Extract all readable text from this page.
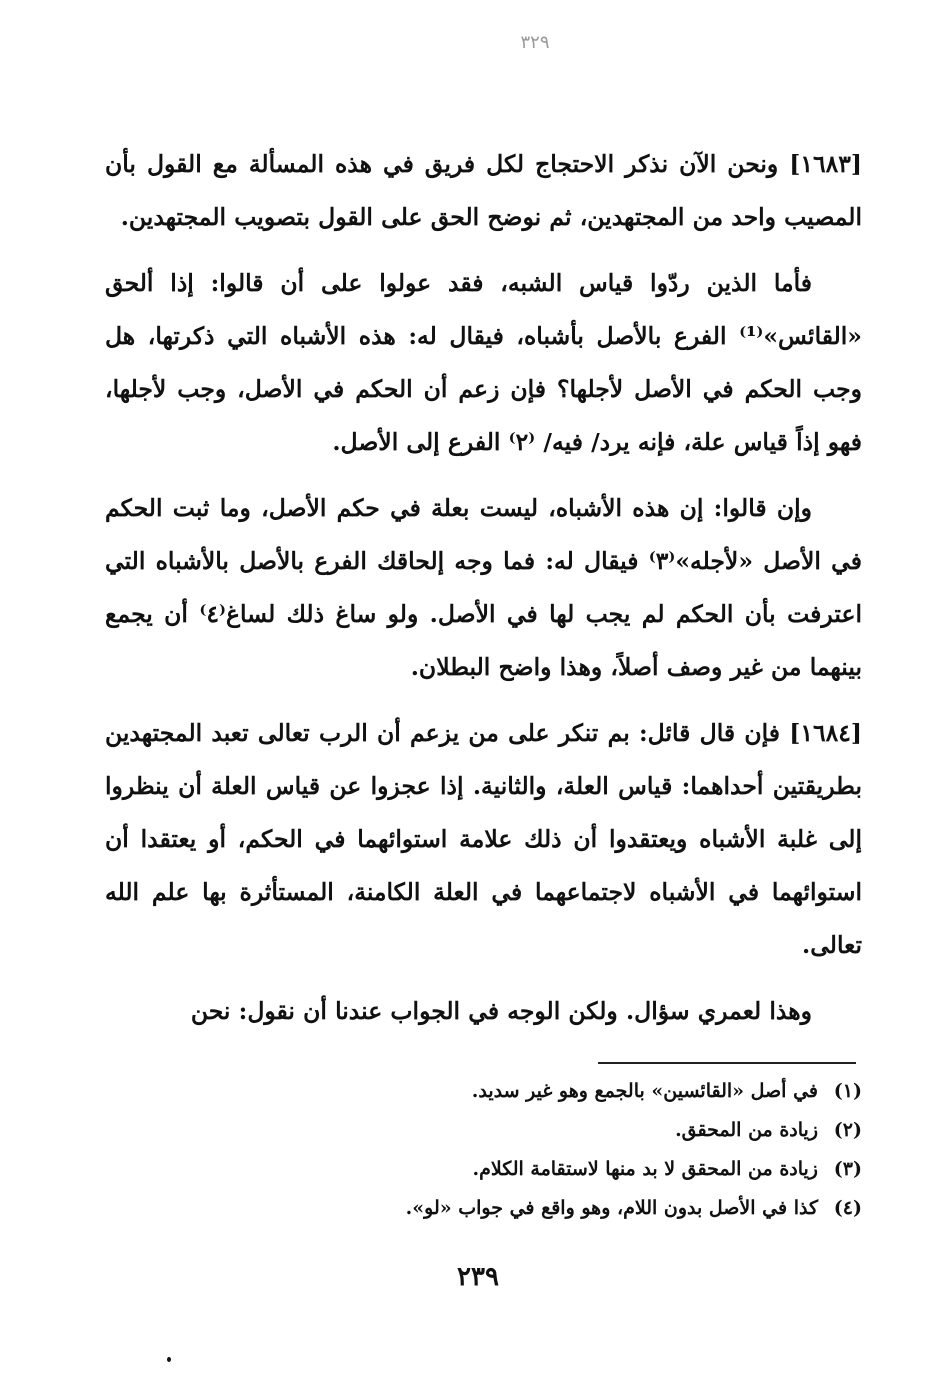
٣٢٩

[١٦٨٣] ونحن الآن نذكر الاحتجاج لكل فريق في هذه المسألة مع القول بأن المصيب واحد من المجتهدين، ثم نوضح الحق على القول بتصويب المجتهدين.

فأما الذين ردّوا قياس الشبه، فقد عولوا على أن قالوا: إذا ألحق «القائس»⁽¹⁾ الفرع بالأصل بأشباه، فيقال له: هذه الأشباه التي ذكرتها، هل وجب الحكم في الأصل لأجلها؟ فإن زعم أن الحكم في الأصل، وجب لأجلها، فهو إذاً قياس علة، فإنه يرد/ فيه/ ⁽٢⁾ الفرع إلى الأصل.

وإن قالوا: إن هذه الأشباه، ليست بعلة في حكم الأصل، وما ثبت الحكم في الأصل «لأجله»⁽٣⁾ فيقال له: فما وجه إلحاقك الفرع بالأصل بالأشباه التي اعترفت بأن الحكم لم يجب لها في الأصل. ولو ساغ ذلك لساغ⁽٤⁾ أن يجمع بينهما من غير وصف أصلاً، وهذا واضح البطلان.

[١٦٨٤] فإن قال قائل: بم تنكر على من يزعم أن الرب تعالى تعبد المجتهدين بطريقتين أحداهما: قياس العلة، والثانية. إذا عجزوا عن قياس العلة أن ينظروا إلى غلبة الأشباه ويعتقدوا أن ذلك علامة استوائهما في الحكم، أو يعتقدا أن استوائهما في الأشباه لاجتماعهما في العلة الكامنة، المستأثرة بها علم الله تعالى.

وهذا لعمري سؤال. ولكن الوجه في الجواب عندنا أن نقول: نحن

(١)في أصل «القائسين» بالجمع وهو غير سديد.
(٢)زيادة من المحقق.
(٣)زيادة من المحقق لا بد منها لاستقامة الكلام.
(٤)كذا في الأصل بدون اللام، وهو واقع في جواب «لو».
٢٣٩
